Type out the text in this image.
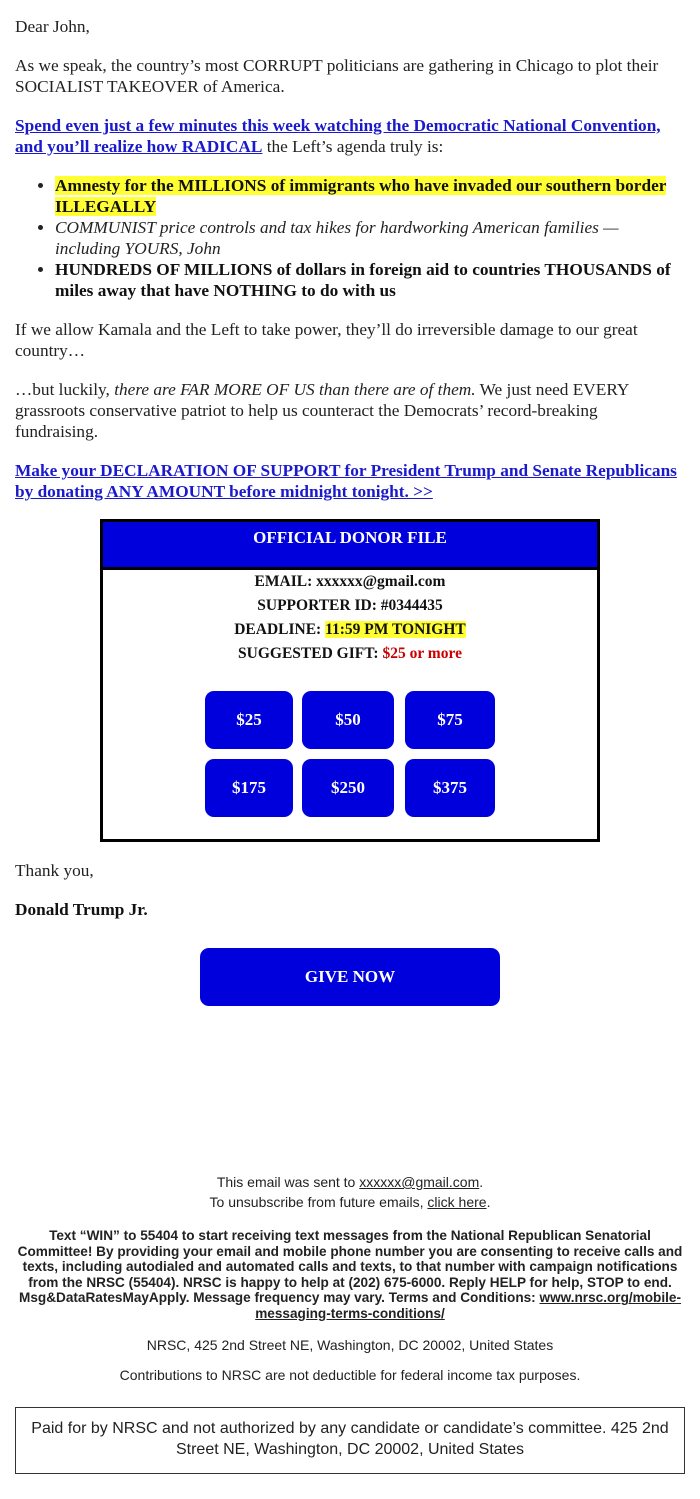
Dear John,

As we speak, the country’s most CORRUPT politicians are gathering in Chicago to plot their SOCIALIST TAKEOVER of America.

Spend even just a few minutes this week watching the Democratic National Convention, and you’ll realize how RADICAL the Left’s agenda truly is:

• Amnesty for the MILLIONS of immigrants who have invaded our southern border ILLEGALLY
• COMMUNIST price controls and tax hikes for hardworking American families — including YOURS, John
• HUNDREDS OF MILLIONS of dollars in foreign aid to countries THOUSANDS of miles away that have NOTHING to do with us

If we allow Kamala and the Left to take power, they’ll do irreversible damage to our great country…

…but luckily, there are FAR MORE OF US than there are of them. We just need EVERY grassroots conservative patriot to help us counteract the Democrats’ record-breaking fundraising.

Make your DECLARATION OF SUPPORT for President Trump and Senate Republicans by donating ANY AMOUNT before midnight tonight. >>

OFFICIAL DONOR FILE
EMAIL: xxxxxx@gmail.com
SUPPORTER ID: #0344435
DEADLINE: 11:59 PM TONIGHT
SUGGESTED GIFT: $25 or more
$25	$50	$75
$175	$250	$375

Thank you,

Donald Trump Jr.

GIVE NOW
This email was sent to xxxxxx@gmail.com.
To unsubscribe from future emails, click here.
Text “WIN” to 55404 to start receiving text messages from the National Republican Senatorial Committee! By providing your email and mobile phone number you are consenting to receive calls and texts, including autodialed and automated calls and texts, to that number with campaign notifications from the NRSC (55404). NRSC is happy to help at (202) 675-6000. Reply HELP for help, STOP to end. Msg&DataRatesMayApply. Message frequency may vary. Terms and Conditions: www.nrsc.org/mobile-messaging-terms-conditions/
NRSC, 425 2nd Street NE, Washington, DC 20002, United States
Contributions to NRSC are not deductible for federal income tax purposes.
Paid for by NRSC and not authorized by any candidate or candidate’s committee. 425 2nd Street NE, Washington, DC 20002, United States
